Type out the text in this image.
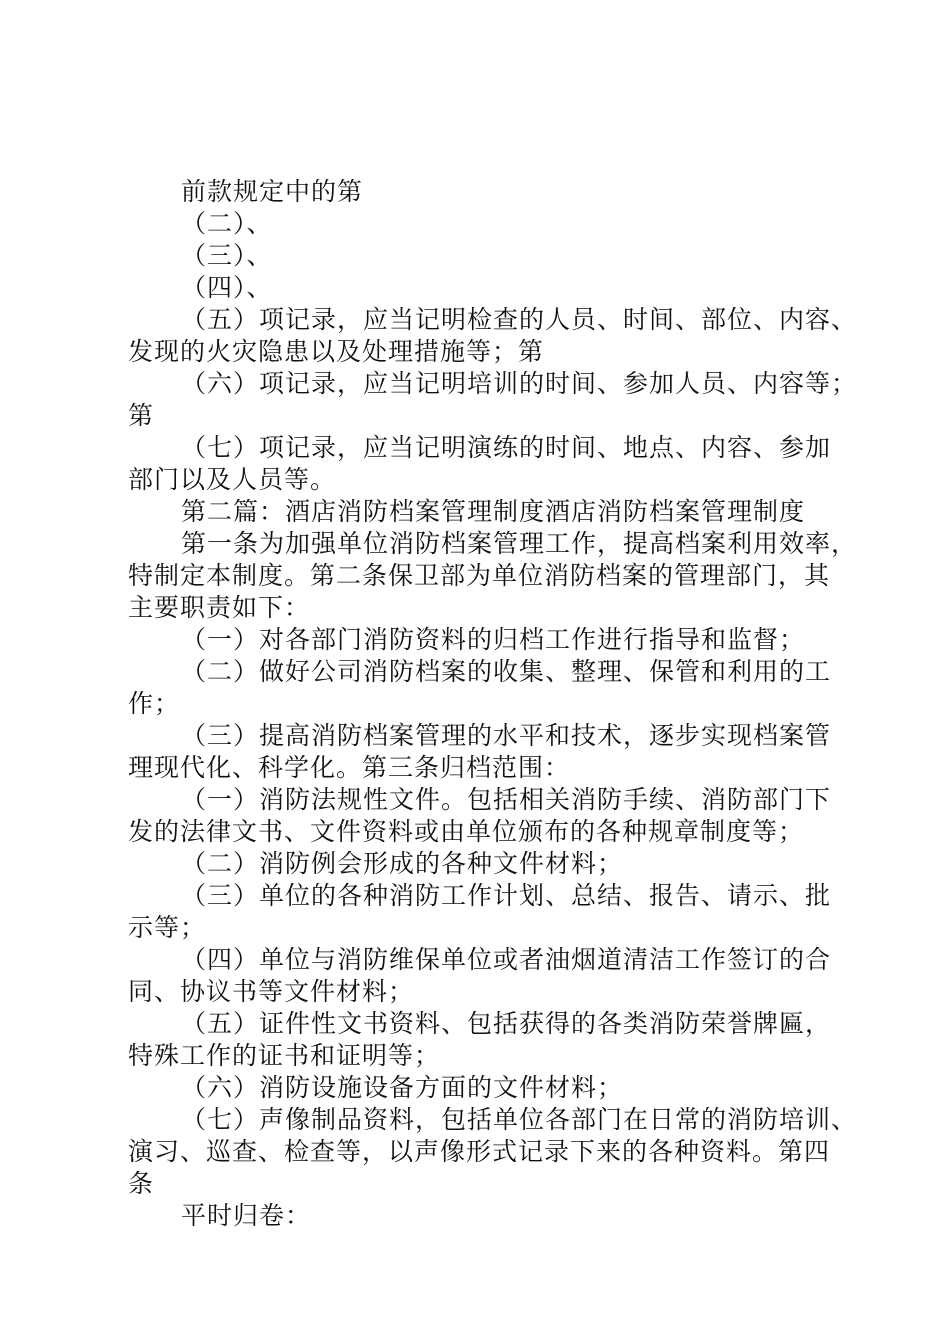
前款规定中的第
（二）、
（三）、
（四）、
（五）项记录，应当记明检查的人员、时间、部位、内容、
发现的火灾隐患以及处理措施等；第
（六）项记录，应当记明培训的时间、参加人员、内容等；
第
（七）项记录，应当记明演练的时间、地点、内容、参加
部门以及人员等。
第二篇：酒店消防档案管理制度酒店消防档案管理制度
第一条为加强单位消防档案管理工作，提高档案利用效率，
特制定本制度。第二条保卫部为单位消防档案的管理部门，其
主要职责如下：
（一）对各部门消防资料的归档工作进行指导和监督；
（二）做好公司消防档案的收集、整理、保管和利用的工
作；
（三）提高消防档案管理的水平和技术，逐步实现档案管
理现代化、科学化。第三条归档范围：
（一）消防法规性文件。包括相关消防手续、消防部门下
发的法律文书、文件资料或由单位颁布的各种规章制度等；
（二）消防例会形成的各种文件材料；
（三）单位的各种消防工作计划、总结、报告、请示、批
示等；
（四）单位与消防维保单位或者油烟道清洁工作签订的合
同、协议书等文件材料；
（五）证件性文书资料、包括获得的各类消防荣誉牌匾，
特殊工作的证书和证明等；
（六）消防设施设备方面的文件材料；
（七）声像制品资料，包括单位各部门在日常的消防培训、
演习、巡查、检查等，以声像形式记录下来的各种资料。第四
条
平时归卷：
